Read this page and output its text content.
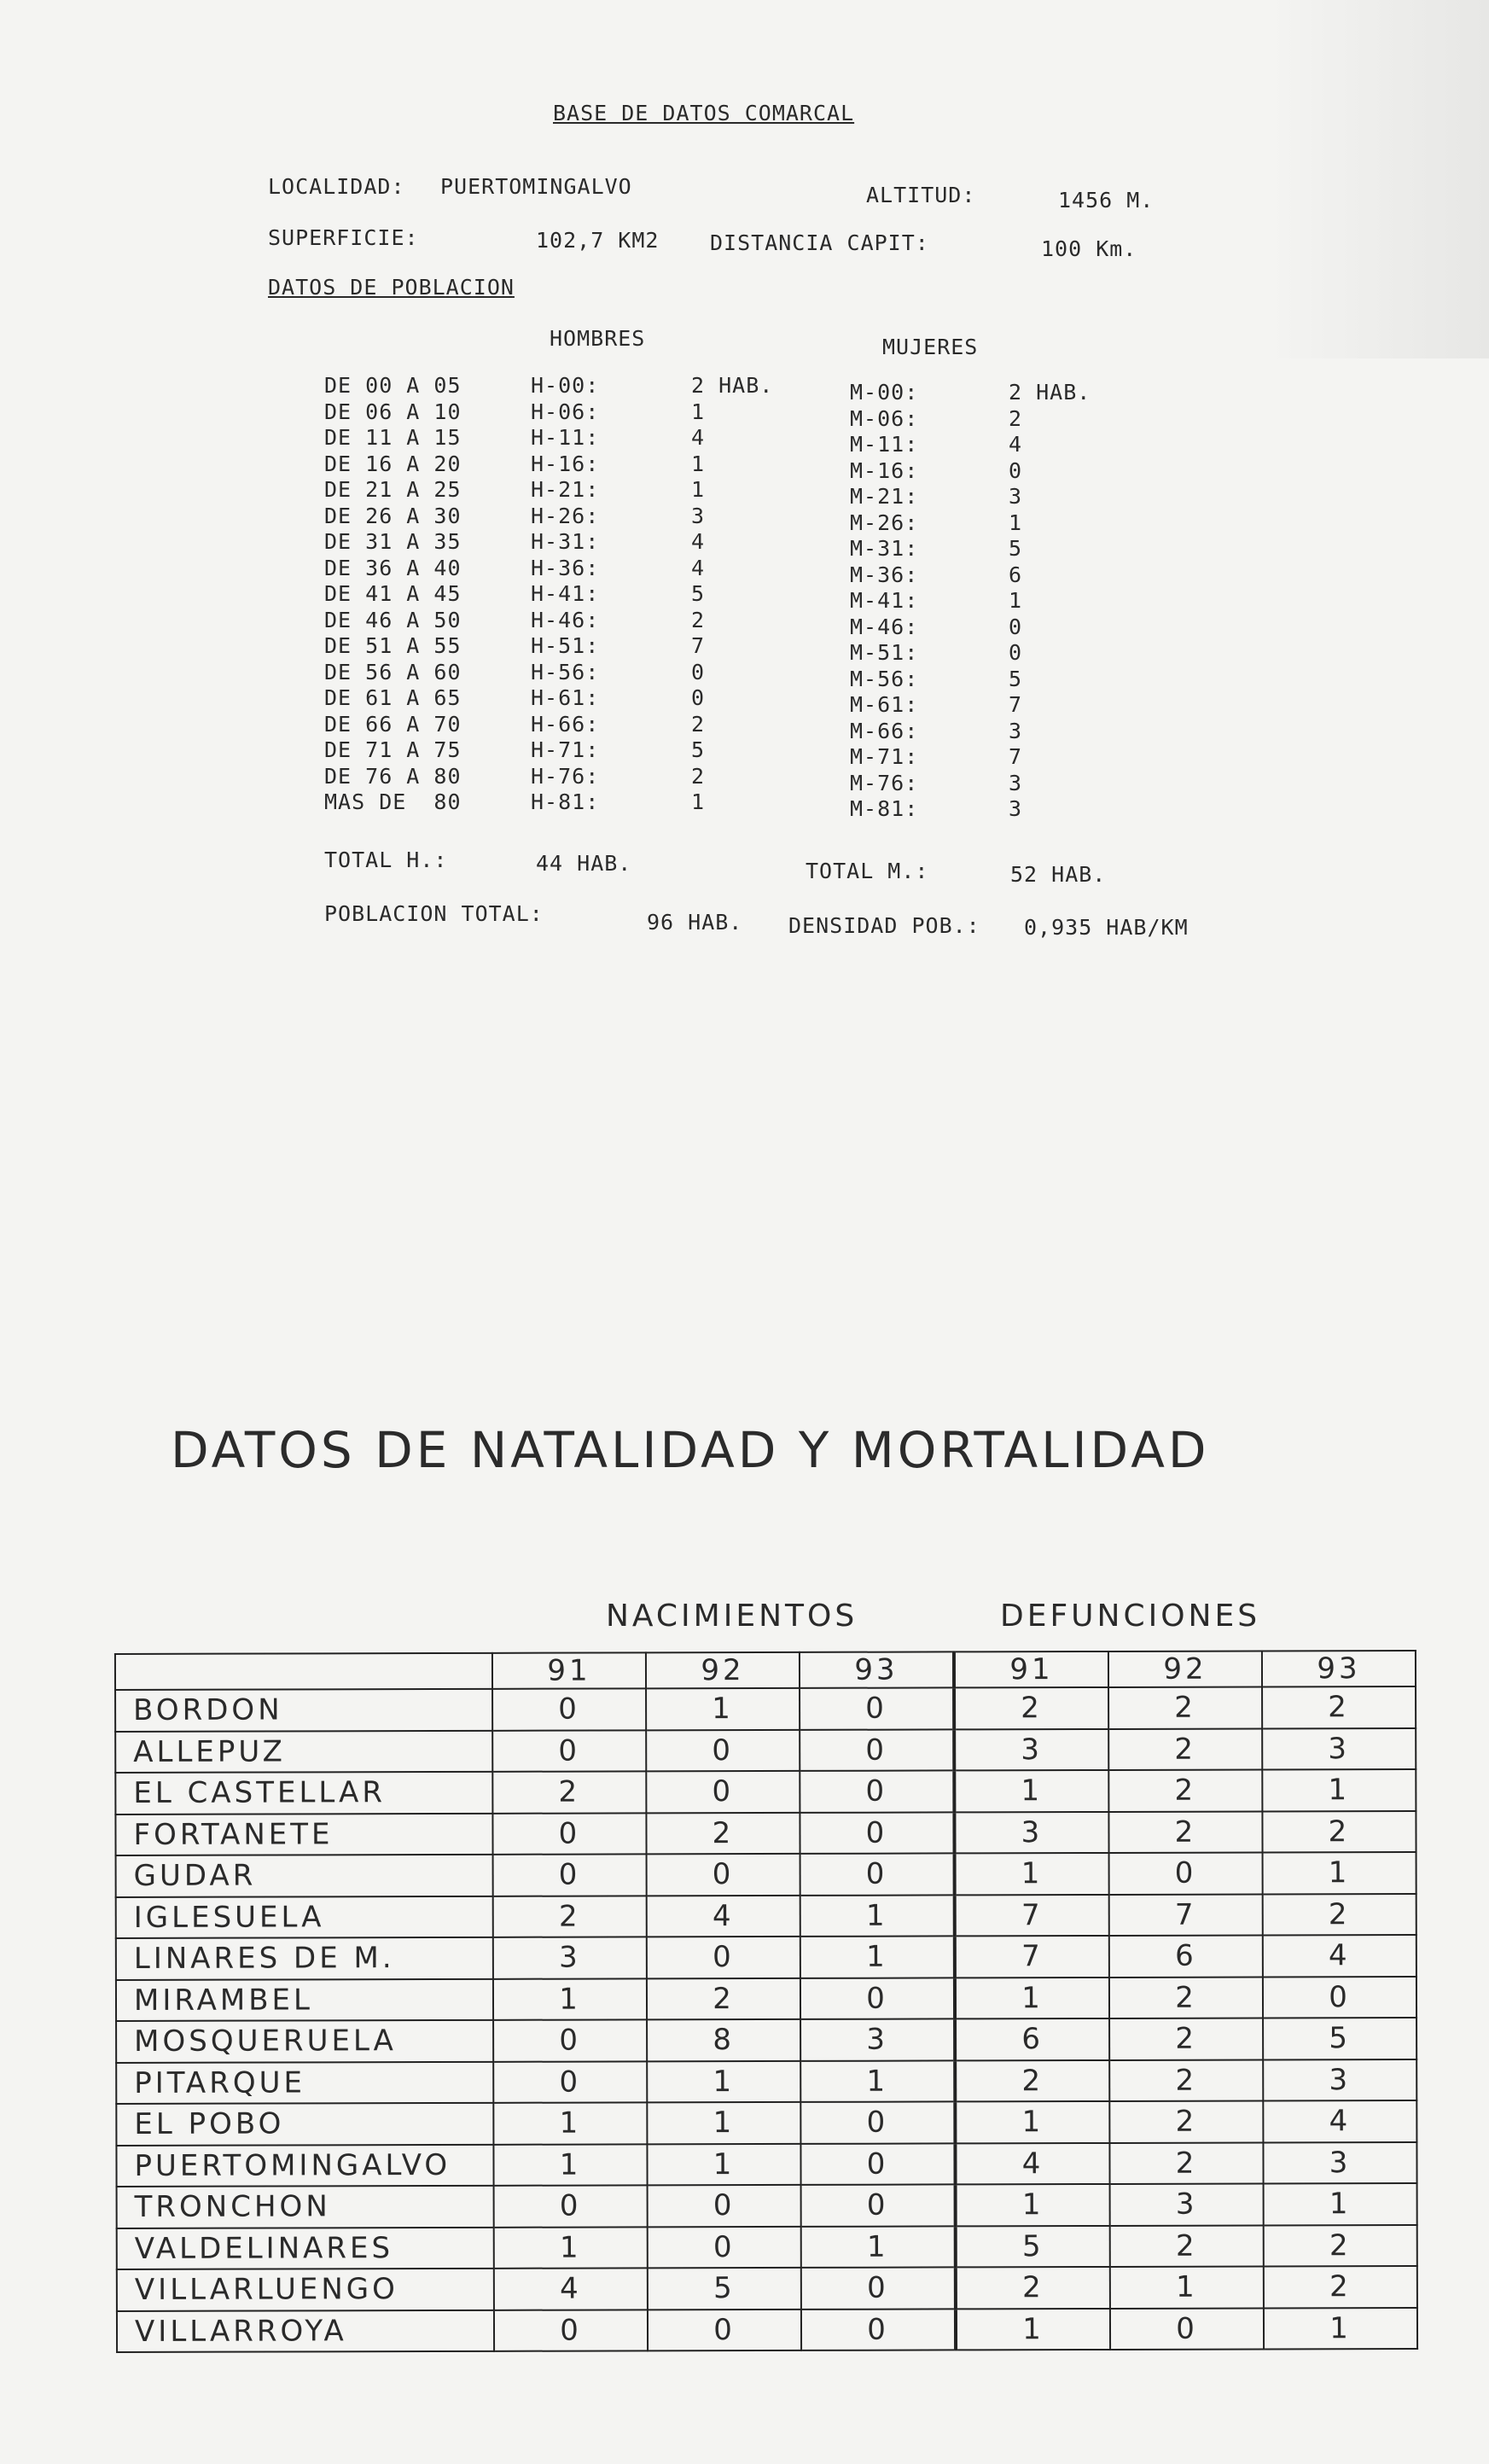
BASE DE DATOS COMARCAL
LOCALIDAD: PUERTOMINGALVO	ALTITUD:	1456 M.
SUPERFICIE:	102,7 KM2 DISTANCIA CAPIT:	100 Km.
DATOS DE POBLACION
HOMBRES	MUJERES
DE 00 A 05	H-00:	2 HAB.	M-00:	2 HAB.
DE 06 A 10	H-06:	1	M-06:	2
DE 11 A 15	H-11:	4	M-11:	4
DE 16 A 20	H-16:	1	M-16:	0
DE 21 A 25	H-21:	1	M-21:	3
DE 26 A 30	H-26:	3	M-26:	1
DE 31 A 35	H-31:	4	M-31:	5
DE 36 A 40	H-36:	4	M-36:	6
DE 41 A 45	H-41:	5	M-41:	1
DE 46 A 50	H-46:	2	M-46:	0
DE 51 A 55	H-51:	7	M-51:	0
DE 56 A 60	H-56:	0	M-56:	5
DE 61 A 65	H-61:	0	M-61:	7
DE 66 A 70	H-66:	2	M-66:	3
DE 71 A 75	H-71:	5	M-71:	7
DE 76 A 80	H-76:	2	M-76:	3
MAS DE  80	H-81:	1	M-81:	3
TOTAL H.:	44 HAB.	TOTAL M.:	52 HAB.
POBLACION TOTAL:	96 HAB. DENSIDAD POB.: 0,935 HAB/KM
DATOS DE NATALIDAD Y MORTALIDAD
NACIMIENTOS	DEFUNCIONES
	91	92	93	91	92	93
BORDON	0	1	0	2	2	2
ALLEPUZ	0	0	0	3	2	3
EL CASTELLAR	2	0	0	1	2	1
FORTANETE	0	2	0	3	2	2
GUDAR	0	0	0	1	0	1
IGLESUELA	2	4	1	7	7	2
LINARES DE M.	3	0	1	7	6	4
MIRAMBEL	1	2	0	1	2	0
MOSQUERUELA	0	8	3	6	2	5
PITARQUE	0	1	1	2	2	3
EL POBO	1	1	0	1	2	4
PUERTOMINGALVO	1	1	0	4	2	3
TRONCHON	0	0	0	1	3	1
VALDELINARES	1	0	1	5	2	2
VILLARLUENGO	4	5	0	2	1	2
VILLARROYA	0	0	0	1	0	1
